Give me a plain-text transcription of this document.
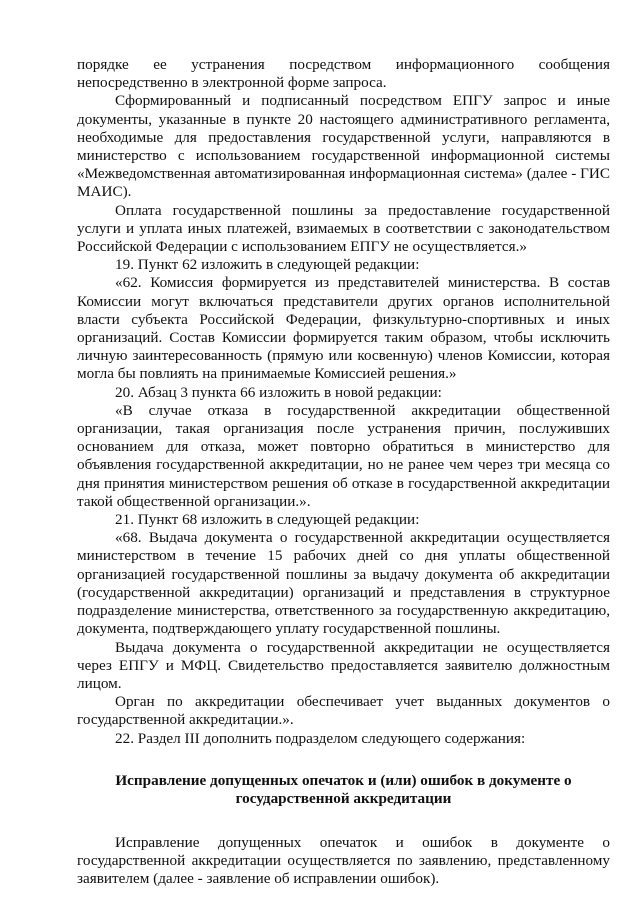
порядке ее устранения посредством информационного сообщения непосредственно в электронной форме запроса.

Сформированный и подписанный посредством ЕПГУ запрос и иные документы, указанные в пункте 20 настоящего административного регламента, необходимые для предоставления государственной услуги, направляются в министерство с использованием государственной информационной системы «Межведомственная автоматизированная информационная система» (далее - ГИС МАИС).

Оплата государственной пошлины за предоставление государственной услуги и уплата иных платежей, взимаемых в соответствии с законодательством Российской Федерации с использованием ЕПГУ не осуществляется.»

19. Пункт 62 изложить в следующей редакции:

«62. Комиссия формируется из представителей министерства. В состав Комиссии могут включаться представители других органов исполнительной власти субъекта Российской Федерации, физкультурно-спортивных и иных организаций. Состав Комиссии формируется таким образом, чтобы исключить личную заинтересованность (прямую или косвенную) членов Комиссии, которая могла бы повлиять на принимаемые Комиссией решения.»

20. Абзац 3 пункта 66 изложить в новой редакции:

«В случае отказа в государственной аккредитации общественной организации, такая организация после устранения причин, послуживших основанием для отказа, может повторно обратиться в министерство для объявления государственной аккредитации, но не ранее чем через три месяца со дня принятия министерством решения об отказе в государственной аккредитации такой общественной организации.».

21. Пункт 68 изложить в следующей редакции:

«68. Выдача документа о государственной аккредитации осуществляется министерством в течение 15 рабочих дней со дня уплаты общественной организацией государственной пошлины за выдачу документа об аккредитации (государственной аккредитации) организаций и представления в структурное подразделение министерства, ответственного за государственную аккредитацию, документа, подтверждающего уплату государственной пошлины.

Выдача документа о государственной аккредитации не осуществляется через ЕПГУ и МФЦ. Свидетельство предоставляется заявителю должностным лицом.

Орган по аккредитации обеспечивает учет выданных документов о государственной аккредитации.».

22. Раздел III дополнить подразделом следующего содержания:

Исправление допущенных опечаток и (или) ошибок в документе о государственной аккредитации

Исправление допущенных опечаток и ошибок в документе о государственной аккредитации осуществляется по заявлению, представленному заявителем (далее - заявление об исправлении ошибок).
